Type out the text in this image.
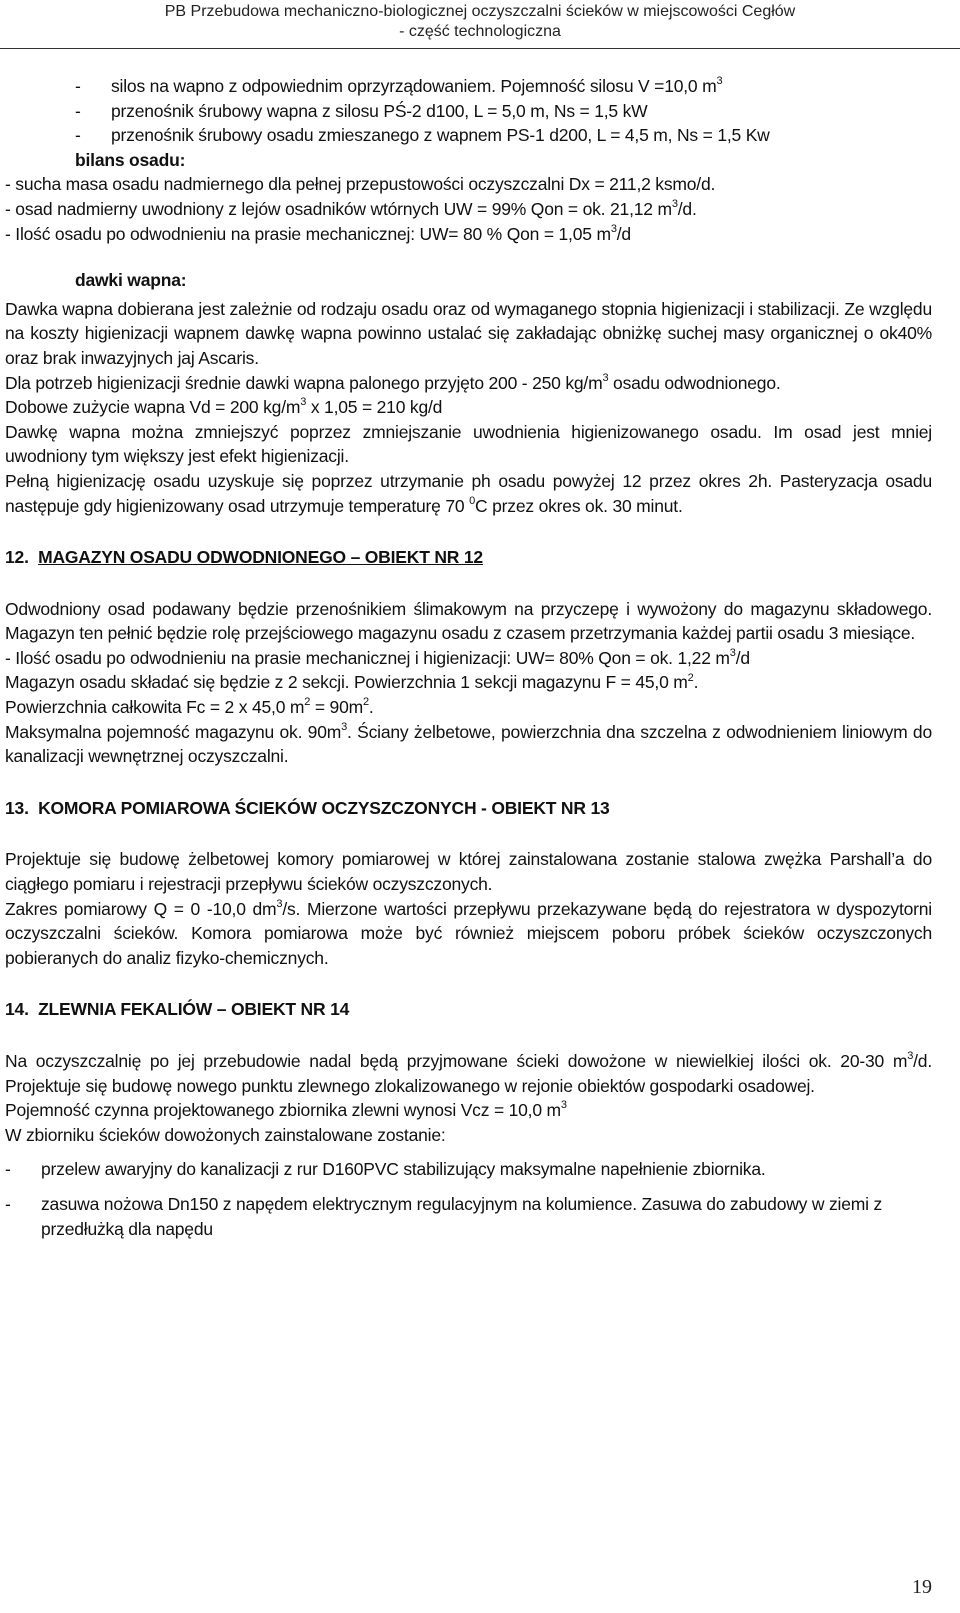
PB Przebudowa mechaniczno-biologicznej oczyszczalni ścieków w miejscowości Cegłów
- część technologiczna
-	silos na wapno z odpowiednim oprzyrządowaniem. Pojemność silosu V =10,0 $m^3$
-	przenośnik śrubowy wapna z silosu PŚ-2 d100, L = 5,0 m, Ns = 1,5 kW
-	przenośnik śrubowy osadu zmieszanego z wapnem PS-1 d200, L = 4,5 m, Ns = 1,5 Kw

bilans osadu:

- sucha masa osadu nadmiernego dla pełnej przepustowości oczyszczalni Dx = 211,2 ksmo/d.

- osad nadmierny uwodniony z lejów osadników wtórnych UW = 99% Qon = ok. 21,12 $m^3/d$.

- Ilość osadu po odwodnieniu na prasie mechanicznej: UW= 80 % Qon = 1,05 $m^3/d$

dawki wapna:

Dawka wapna dobierana jest zależnie od rodzaju osadu oraz od wymaganego stopnia higienizacji i stabilizacji. Ze względu na koszty higienizacji wapnem dawkę wapna powinno ustalać się zakładając obniżkę suchej masy organicznej o ok40% oraz brak inwazyjnych jaj Ascaris.

Dla potrzeb higienizacji średnie dawki wapna palonego przyjęto 200 - 250 $kg/m^3$ osadu odwodnionego.

Dobowe zużycie wapna Vd = 200 $kg/m^3$ x 1,05 = 210 kg/d

Dawkę wapna można zmniejszyć poprzez zmniejszanie uwodnienia higienizowanego osadu. Im osad jest mniej uwodniony tym większy jest efekt higienizacji.

Pełną higienizację osadu uzyskuje się poprzez utrzymanie ph osadu powyżej 12 przez okres 2h. Pasteryzacja osadu następuje gdy higienizowany osad utrzymuje temperaturę 70 $^0$C przez okres ok. 30 minut.

12. MAGAZYN OSADU ODWODNIONEGO – OBIEKT NR 12

Odwodniony osad podawany będzie przenośnikiem ślimakowym na przyczepę i wywożony do magazynu składowego. Magazyn ten pełnić będzie rolę przejściowego magazynu osadu z czasem przetrzymania każdej partii osadu 3 miesiące.

- Ilość osadu po odwodnieniu na prasie mechanicznej i higienizacji: UW= 80% Qon = ok. 1,22 $m^3/d$

Magazyn osadu składać się będzie z 2 sekcji. Powierzchnia 1 sekcji magazynu F = 45,0 $m^2$.

Powierzchnia całkowita Fc = 2 x 45,0 $m^2 = 90m^2$.

Maksymalna pojemność magazynu ok. $90m^3$. Ściany żelbetowe, powierzchnia dna szczelna z odwodnieniem liniowym do kanalizacji wewnętrznej oczyszczalni.

13. KOMORA POMIAROWA ŚCIEKÓW OCZYSZCZONYCH - OBIEKT NR 13

Projektuje się budowę żelbetowej komory pomiarowej w której zainstalowana zostanie stalowa zwężka Parshall’a do ciągłego pomiaru i rejestracji przepływu ścieków oczyszczonych.

Zakres pomiarowy Q = 0 -10,0 $dm^3/s$. Mierzone wartości przepływu przekazywane będą do rejestratora w dyspozytorni oczyszczalni ścieków. Komora pomiarowa może być również miejscem poboru próbek ścieków oczyszczonych pobieranych do analiz fizyko-chemicznych.

14. ZLEWNIA FEKALIÓW – OBIEKT NR 14

Na oczyszczalnię po jej przebudowie nadal będą przyjmowane ścieki dowożone w niewielkiej ilości ok. 20-30 $m^3/d$. Projektuje się budowę nowego punktu zlewnego zlokalizowanego w rejonie obiektów gospodarki osadowej.

Pojemność czynna projektowanego zbiornika zlewni wynosi Vcz = 10,0 $m^3$

W zbiorniku ścieków dowożonych zainstalowane zostanie:

-	przelew awaryjny do kanalizacji z rur D160PVC stabilizujący maksymalne napełnienie zbiornika.
-	zasuwa nożowa Dn150 z napędem elektrycznym regulacyjnym na kolumience. Zasuwa do zabudowy w ziemi z przedłużką dla napędu
19
